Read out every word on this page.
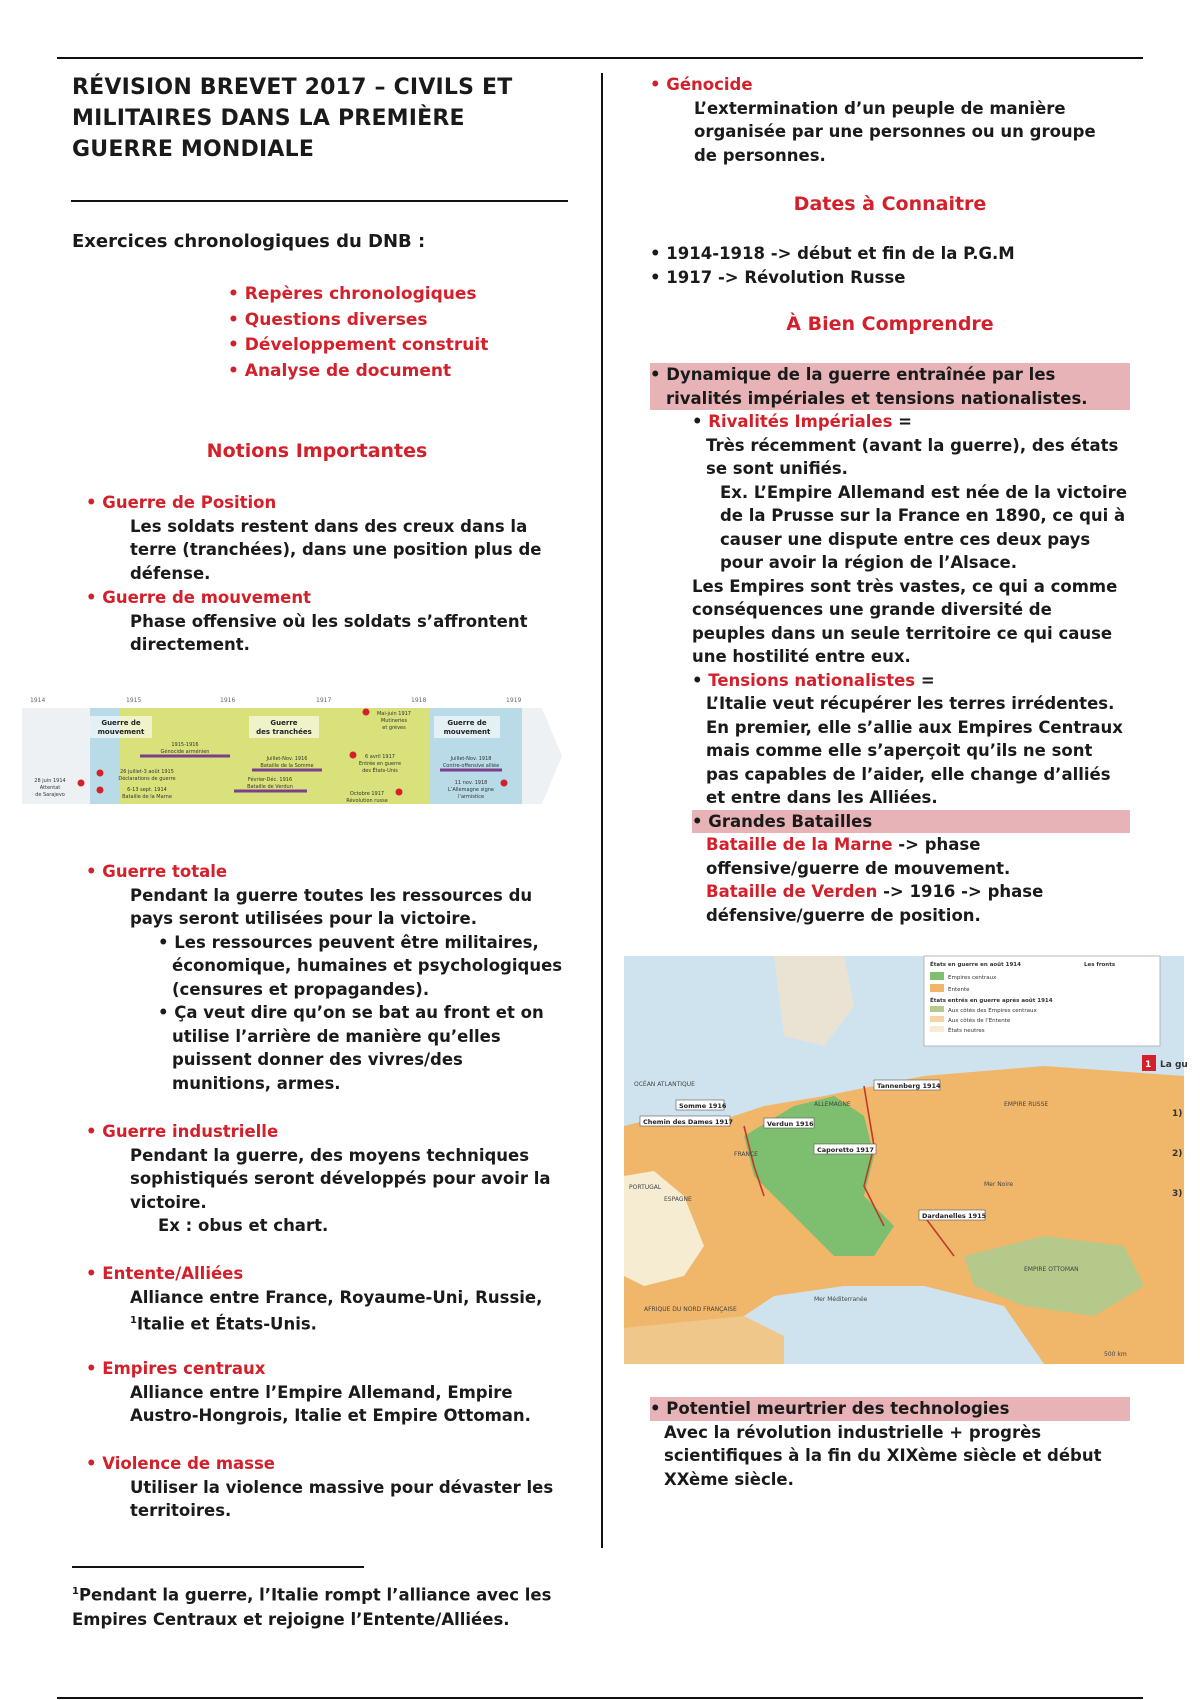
RÉVISION BREVET 2017 – CIVILS ET MILITAIRES DANS LA PREMIÈRE GUERRE MONDIALE
Exercices chronologiques du DNB :
• Repères chronologiques
• Questions diverses
• Développement construit
• Analyse de document
Notions Importantes
• Guerre de Position
Les soldats restent dans des creux dans la terre (tranchées), dans une position plus de défense.
• Guerre de mouvement
Phase offensive où les soldats s’affrontent directement.
1914	1915	1916	1917	1918	1919
Guerre de
mouvement
Guerre
des tranchées
Guerre de
mouvement
1915-1916
Génocide arménien
28 juin 1914
Attentat
de Sarajevo
26 juillet-3 août 1915
Déclarations de guerre
6-13 sept. 1914
Bataille de la Marne
Juillet-Nov. 1916
Bataille de la Somme
Février-Déc. 1916
Bataille de Verdun
Mai-juin 1917
Mutineries
et grèves
6 avril 1917
Entrée en guerre
des États-Unis
Octobre 1917
Révolution russe
Juillet-Nov. 1918
Contre-offensive alliée
11 nov. 1918
L’Allemagne signe
l’armistice
• Guerre totale
Pendant la guerre toutes les ressources du pays seront utilisées pour la victoire.
• Les ressources peuvent être militaires, économique, humaines et psychologiques (censures et propagandes).
• Ça veut dire qu’on se bat au front et on utilise l’arrière de manière qu’elles puissent donner des vivres/des munitions, armes.
• Guerre industrielle
Pendant la guerre, des moyens techniques sophistiqués seront développés pour avoir la victoire.
Ex : obus et chart.
• Entente/Alliées
Alliance entre France, Royaume-Uni, Russie, $^1$Italie et États-Unis.
• Empires centraux
Alliance entre l’Empire Allemand, Empire Austro-Hongrois, Italie et Empire Ottoman.
• Violence de masse
Utiliser la violence massive pour dévaster les territoires.
$^1$Pendant la guerre, l’Italie rompt l’alliance avec les Empires Centraux et rejoigne l’Entente/Alliées.
• Génocide
L’extermination d’un peuple de manière organisée par une personnes ou un groupe de personnes.
Dates à Connaitre
• 1914-1918 -> début et fin de la P.G.M
• 1917 -> Révolution Russe
À Bien Comprendre
• Dynamique de la guerre entraînée par les rivalités impériales et tensions nationalistes.
• Rivalités Impériales =
Très récemment (avant la guerre), des états se sont unifiés.
Ex. L’Empire Allemand est née de la victoire de la Prusse sur la France en 1890, ce qui à causer une dispute entre ces deux pays pour avoir la région de l’Alsace.
Les Empires sont très vastes, ce qui a comme conséquences une grande diversité de peuples dans un seule territoire ce qui cause une hostilité entre eux.
• Tensions nationalistes =
L’Italie veut récupérer les terres irrédentes. En premier, elle s’allie aux Empires Centraux mais comme elle s’aperçoit qu’ils ne sont pas capables de l’aider, elle change d’alliés et entre dans les Alliées.
• Grandes Batailles
Bataille de la Marne -> phase offensive/guerre de mouvement.
Bataille de Verden -> 1916 -> phase défensive/guerre de position.
États en guerre en août 1914
Empires centraux
Entente
États entrés en guerre après août 1914
Aux côtés des Empires centraux
Aux côtés de l’Entente
États neutres
Les fronts
Somme 1916
Chemin des Dames 1917	Verdun 1916
Tannenberg 1914
Caporetto 1917
Dardanelles 1915
EMPIRE RUSSE
ALLEMAGNE
FRANCE
ESPAGNE
PORTUGAL
EMPIRE OTTOMAN
Mer Noire
Mer Méditerranée
OCÉAN ATLANTIQUE
AFRIQUE DU NORD FRANÇAISE
500 km
1 La gu
1)
2)
3)
• Potentiel meurtrier des technologies
Avec la révolution industrielle + progrès scientifiques à la fin du XIXème siècle et début XXème siècle.
